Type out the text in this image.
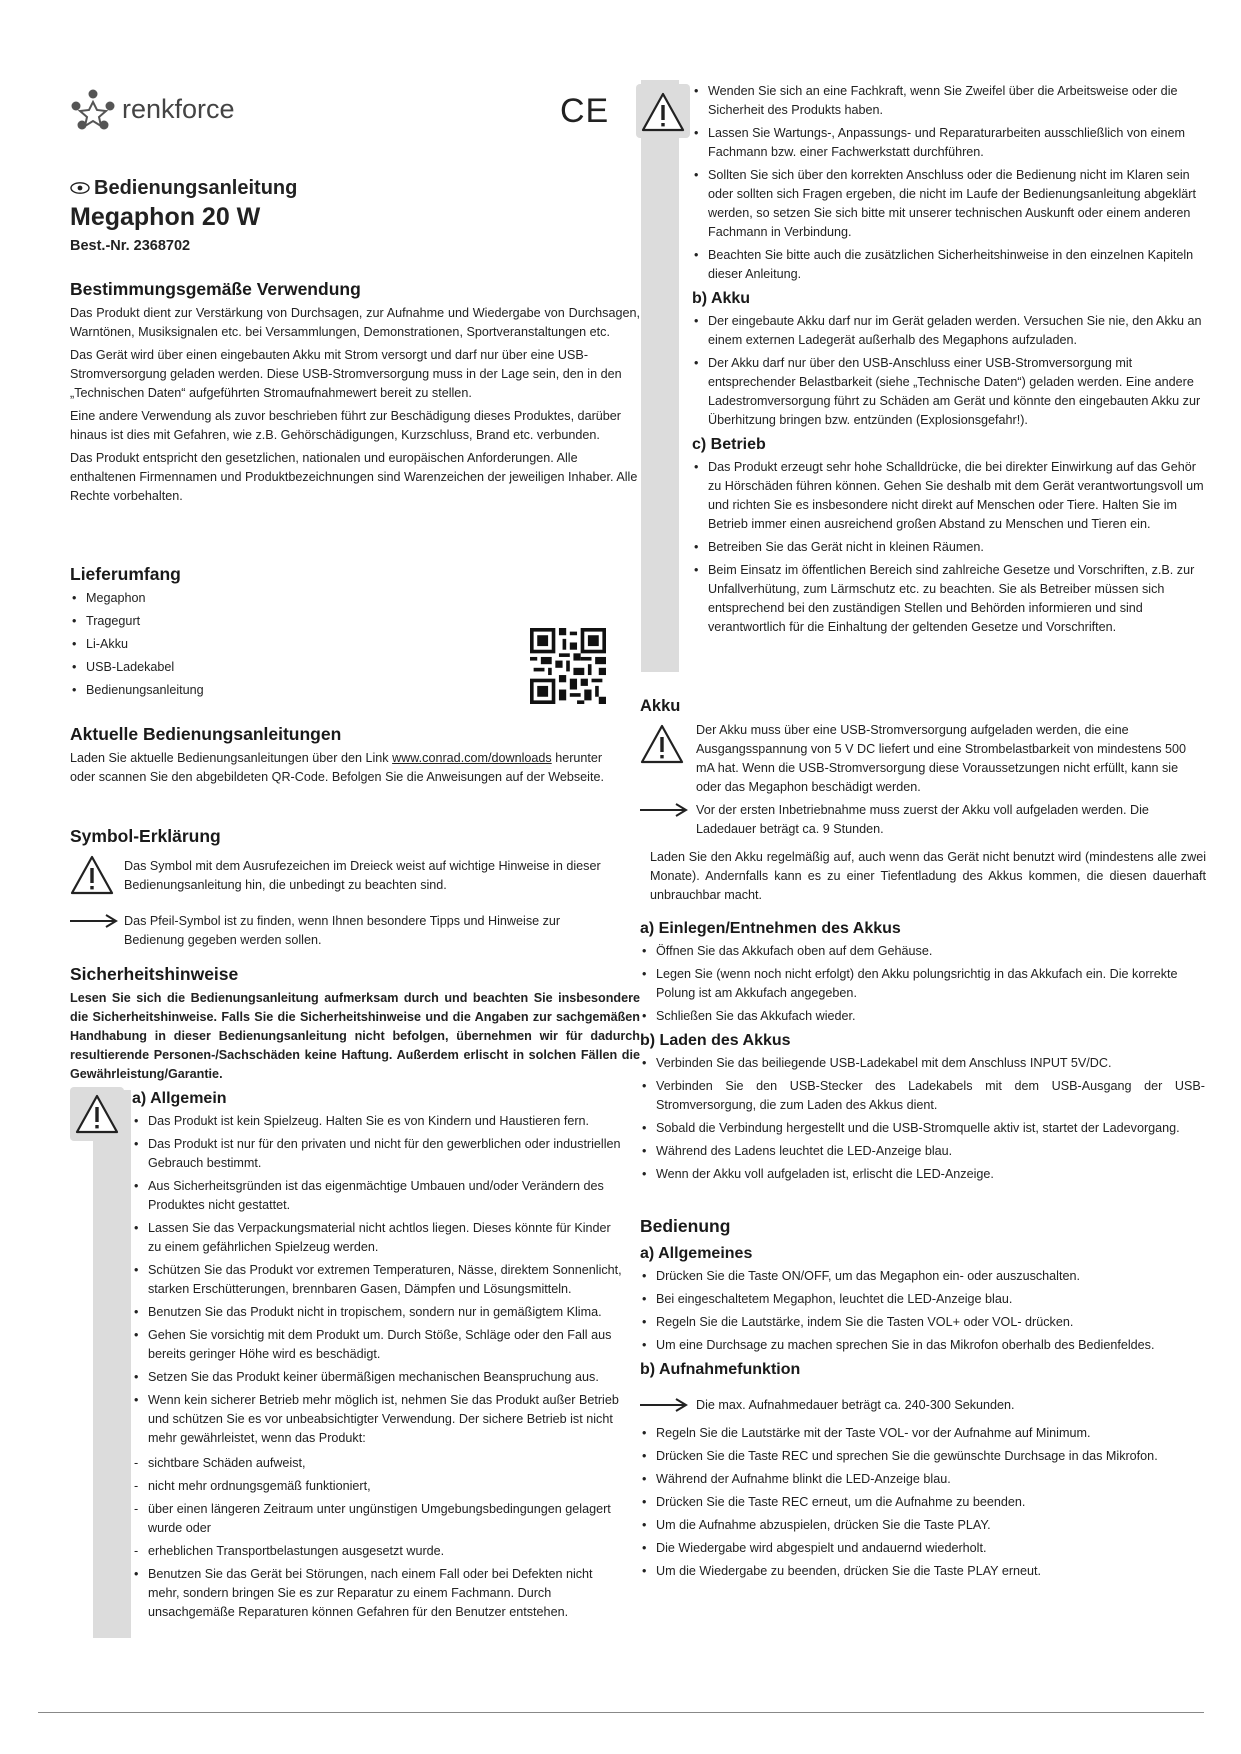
renkforce	CE
Bedienungsanleitung
Megaphon 20 W
Best.-Nr. 2368702
Bestimmungsgemäße Verwendung

Das Produkt dient zur Verstärkung von Durchsagen, zur Aufnahme und Wiedergabe von Durchsagen, Warntönen, Musiksignalen etc. bei Versammlungen, Demonstrationen, Sportveranstaltungen etc.

Das Gerät wird über einen eingebauten Akku mit Strom versorgt und darf nur über eine USB-Stromversorgung geladen werden. Diese USB-Stromversorgung muss in der Lage sein, den in den „Technischen Daten“ aufgeführten Stromaufnahmewert bereit zu stellen.

Eine andere Verwendung als zuvor beschrieben führt zur Beschädigung dieses Produktes, darüber hinaus ist dies mit Gefahren, wie z.B. Gehörschädigungen, Kurzschluss, Brand etc. verbunden.

Das Produkt entspricht den gesetzlichen, nationalen und europäischen Anforderungen. Alle enthaltenen Firmennamen und Produktbezeichnungen sind Warenzeichen der jeweiligen Inhaber. Alle Rechte vorbehalten.

Lieferumfang
• Megaphon
• Tragegurt
• Li-Akku
• USB-Ladekabel
• Bedienungsanleitung
Aktuelle Bedienungsanleitungen

Laden Sie aktuelle Bedienungsanleitungen über den Link www.conrad.com/downloads herunter oder scannen Sie den abgebildeten QR-Code. Befolgen Sie die Anweisungen auf der Webseite.

Symbol-Erklärung

Das Symbol mit dem Ausrufezeichen im Dreieck weist auf wichtige Hinweise in dieser Bedienungsanleitung hin, die unbedingt zu beachten sind.

Das Pfeil-Symbol ist zu finden, wenn Ihnen besondere Tipps und Hinweise zur Bedienung gegeben werden sollen.

Sicherheitshinweise

Lesen Sie sich die Bedienungsanleitung aufmerksam durch und beachten Sie insbesondere die Sicherheitshinweise. Falls Sie die Sicherheitshinweise und die Angaben zur sachgemäßen Handhabung in dieser Bedienungsanleitung nicht befolgen, übernehmen wir für dadurch resultierende Personen-/Sachschäden keine Haftung. Außerdem erlischt in solchen Fällen die Gewährleistung/Garantie.

a) Allgemein
• Das Produkt ist kein Spielzeug. Halten Sie es von Kindern und Haustieren fern.
• Das Produkt ist nur für den privaten und nicht für den gewerblichen oder industriellen Gebrauch bestimmt.
• Aus Sicherheitsgründen ist das eigenmächtige Umbauen und/oder Verändern des Produktes nicht gestattet.
• Lassen Sie das Verpackungsmaterial nicht achtlos liegen. Dieses könnte für Kinder zu einem gefährlichen Spielzeug werden.
• Schützen Sie das Produkt vor extremen Temperaturen, Nässe, direktem Sonnenlicht, starken Erschütterungen, brennbaren Gasen, Dämpfen und Lösungsmitteln.
• Benutzen Sie das Produkt nicht in tropischem, sondern nur in gemäßigtem Klima.
• Gehen Sie vorsichtig mit dem Produkt um. Durch Stöße, Schläge oder den Fall aus bereits geringer Höhe wird es beschädigt.
• Setzen Sie das Produkt keiner übermäßigen mechanischen Beanspruchung aus.
• Wenn kein sicherer Betrieb mehr möglich ist, nehmen Sie das Produkt außer Betrieb und schützen Sie es vor unbeabsichtigter Verwendung. Der sichere Betrieb ist nicht mehr gewährleistet, wenn das Produkt:
- sichtbare Schäden aufweist,
- nicht mehr ordnungsgemäß funktioniert,
- über einen längeren Zeitraum unter ungünstigen Umgebungsbedingungen gelagert wurde oder
- erheblichen Transportbelastungen ausgesetzt wurde.
• Benutzen Sie das Gerät bei Störungen, nach einem Fall oder bei Defekten nicht mehr, sondern bringen Sie es zur Reparatur zu einem Fachmann. Durch unsachgemäße Reparaturen können Gefahren für den Benutzer entstehen.
• Wenden Sie sich an eine Fachkraft, wenn Sie Zweifel über die Arbeitsweise oder die Sicherheit des Produkts haben.
• Lassen Sie Wartungs-, Anpassungs- und Reparaturarbeiten ausschließlich von einem Fachmann bzw. einer Fachwerkstatt durchführen.
• Sollten Sie sich über den korrekten Anschluss oder die Bedienung nicht im Klaren sein oder sollten sich Fragen ergeben, die nicht im Laufe der Bedienungsanleitung abgeklärt werden, so setzen Sie sich bitte mit unserer technischen Auskunft oder einem anderen Fachmann in Verbindung.
• Beachten Sie bitte auch die zusätzlichen Sicherheitshinweise in den einzelnen Kapiteln dieser Anleitung.
b) Akku
• Der eingebaute Akku darf nur im Gerät geladen werden. Versuchen Sie nie, den Akku an einem externen Ladegerät außerhalb des Megaphons aufzuladen.
• Der Akku darf nur über den USB-Anschluss einer USB-Stromversorgung mit entsprechender Belastbarkeit (siehe „Technische Daten“) geladen werden. Eine andere Ladestromversorgung führt zu Schäden am Gerät und könnte den eingebauten Akku zur Überhitzung bringen bzw. entzünden (Explosionsgefahr!).
c) Betrieb
• Das Produkt erzeugt sehr hohe Schalldrücke, die bei direkter Einwirkung auf das Gehör zu Hörschäden führen können. Gehen Sie deshalb mit dem Gerät verantwortungsvoll um und richten Sie es insbesondere nicht direkt auf Menschen oder Tiere. Halten Sie im Betrieb immer einen ausreichend großen Abstand zu Menschen und Tieren ein.
• Betreiben Sie das Gerät nicht in kleinen Räumen.
• Beim Einsatz im öffentlichen Bereich sind zahlreiche Gesetze und Vorschriften, z.B. zur Unfallverhütung, zum Lärmschutz etc. zu beachten. Sie als Betreiber müssen sich entsprechend bei den zuständigen Stellen und Behörden informieren und sind verantwortlich für die Einhaltung der geltenden Gesetze und Vorschriften.
Akku

Der Akku muss über eine USB-Stromversorgung aufgeladen werden, die eine Ausgangsspannung von 5 V DC liefert und eine Strombelastbarkeit von mindestens 500 mA hat. Wenn die USB-Stromversorgung diese Voraussetzungen nicht erfüllt, kann sie oder das Megaphon beschädigt werden.

Vor der ersten Inbetriebnahme muss zuerst der Akku voll aufgeladen werden. Die Ladedauer beträgt ca. 9 Stunden.

Laden Sie den Akku regelmäßig auf, auch wenn das Gerät nicht benutzt wird (mindestens alle zwei Monate). Andernfalls kann es zu einer Tiefentladung des Akkus kommen, die diesen dauerhaft unbrauchbar macht.

a) Einlegen/Entnehmen des Akkus
• Öffnen Sie das Akkufach oben auf dem Gehäuse.
• Legen Sie (wenn noch nicht erfolgt) den Akku polungsrichtig in das Akkufach ein. Die korrekte Polung ist am Akkufach angegeben.
• Schließen Sie das Akkufach wieder.
b) Laden des Akkus
• Verbinden Sie das beiliegende USB-Ladekabel mit dem Anschluss INPUT 5V/DC.
• Verbinden Sie den USB-Stecker des Ladekabels mit dem USB-Ausgang der USB-Stromversorgung, die zum Laden des Akkus dient.
• Sobald die Verbindung hergestellt und die USB-Stromquelle aktiv ist, startet der Ladevorgang.
• Während des Ladens leuchtet die LED-Anzeige blau.
• Wenn der Akku voll aufgeladen ist, erlischt die LED-Anzeige.
Bedienung
a) Allgemeines
• Drücken Sie die Taste ON/OFF, um das Megaphon ein- oder auszuschalten.
• Bei eingeschaltetem Megaphon, leuchtet die LED-Anzeige blau.
• Regeln Sie die Lautstärke, indem Sie die Tasten VOL+ oder VOL- drücken.
• Um eine Durchsage zu machen sprechen Sie in das Mikrofon oberhalb des Bedienfeldes.
b) Aufnahmefunktion

Die max. Aufnahmedauer beträgt ca. 240-300 Sekunden.

• Regeln Sie die Lautstärke mit der Taste VOL- vor der Aufnahme auf Minimum.
• Drücken Sie die Taste REC und sprechen Sie die gewünschte Durchsage in das Mikrofon.
• Während der Aufnahme blinkt die LED-Anzeige blau.
• Drücken Sie die Taste REC erneut, um die Aufnahme zu beenden.
• Um die Aufnahme abzuspielen, drücken Sie die Taste PLAY.
• Die Wiedergabe wird abgespielt und andauernd wiederholt.
• Um die Wiedergabe zu beenden, drücken Sie die Taste PLAY erneut.
